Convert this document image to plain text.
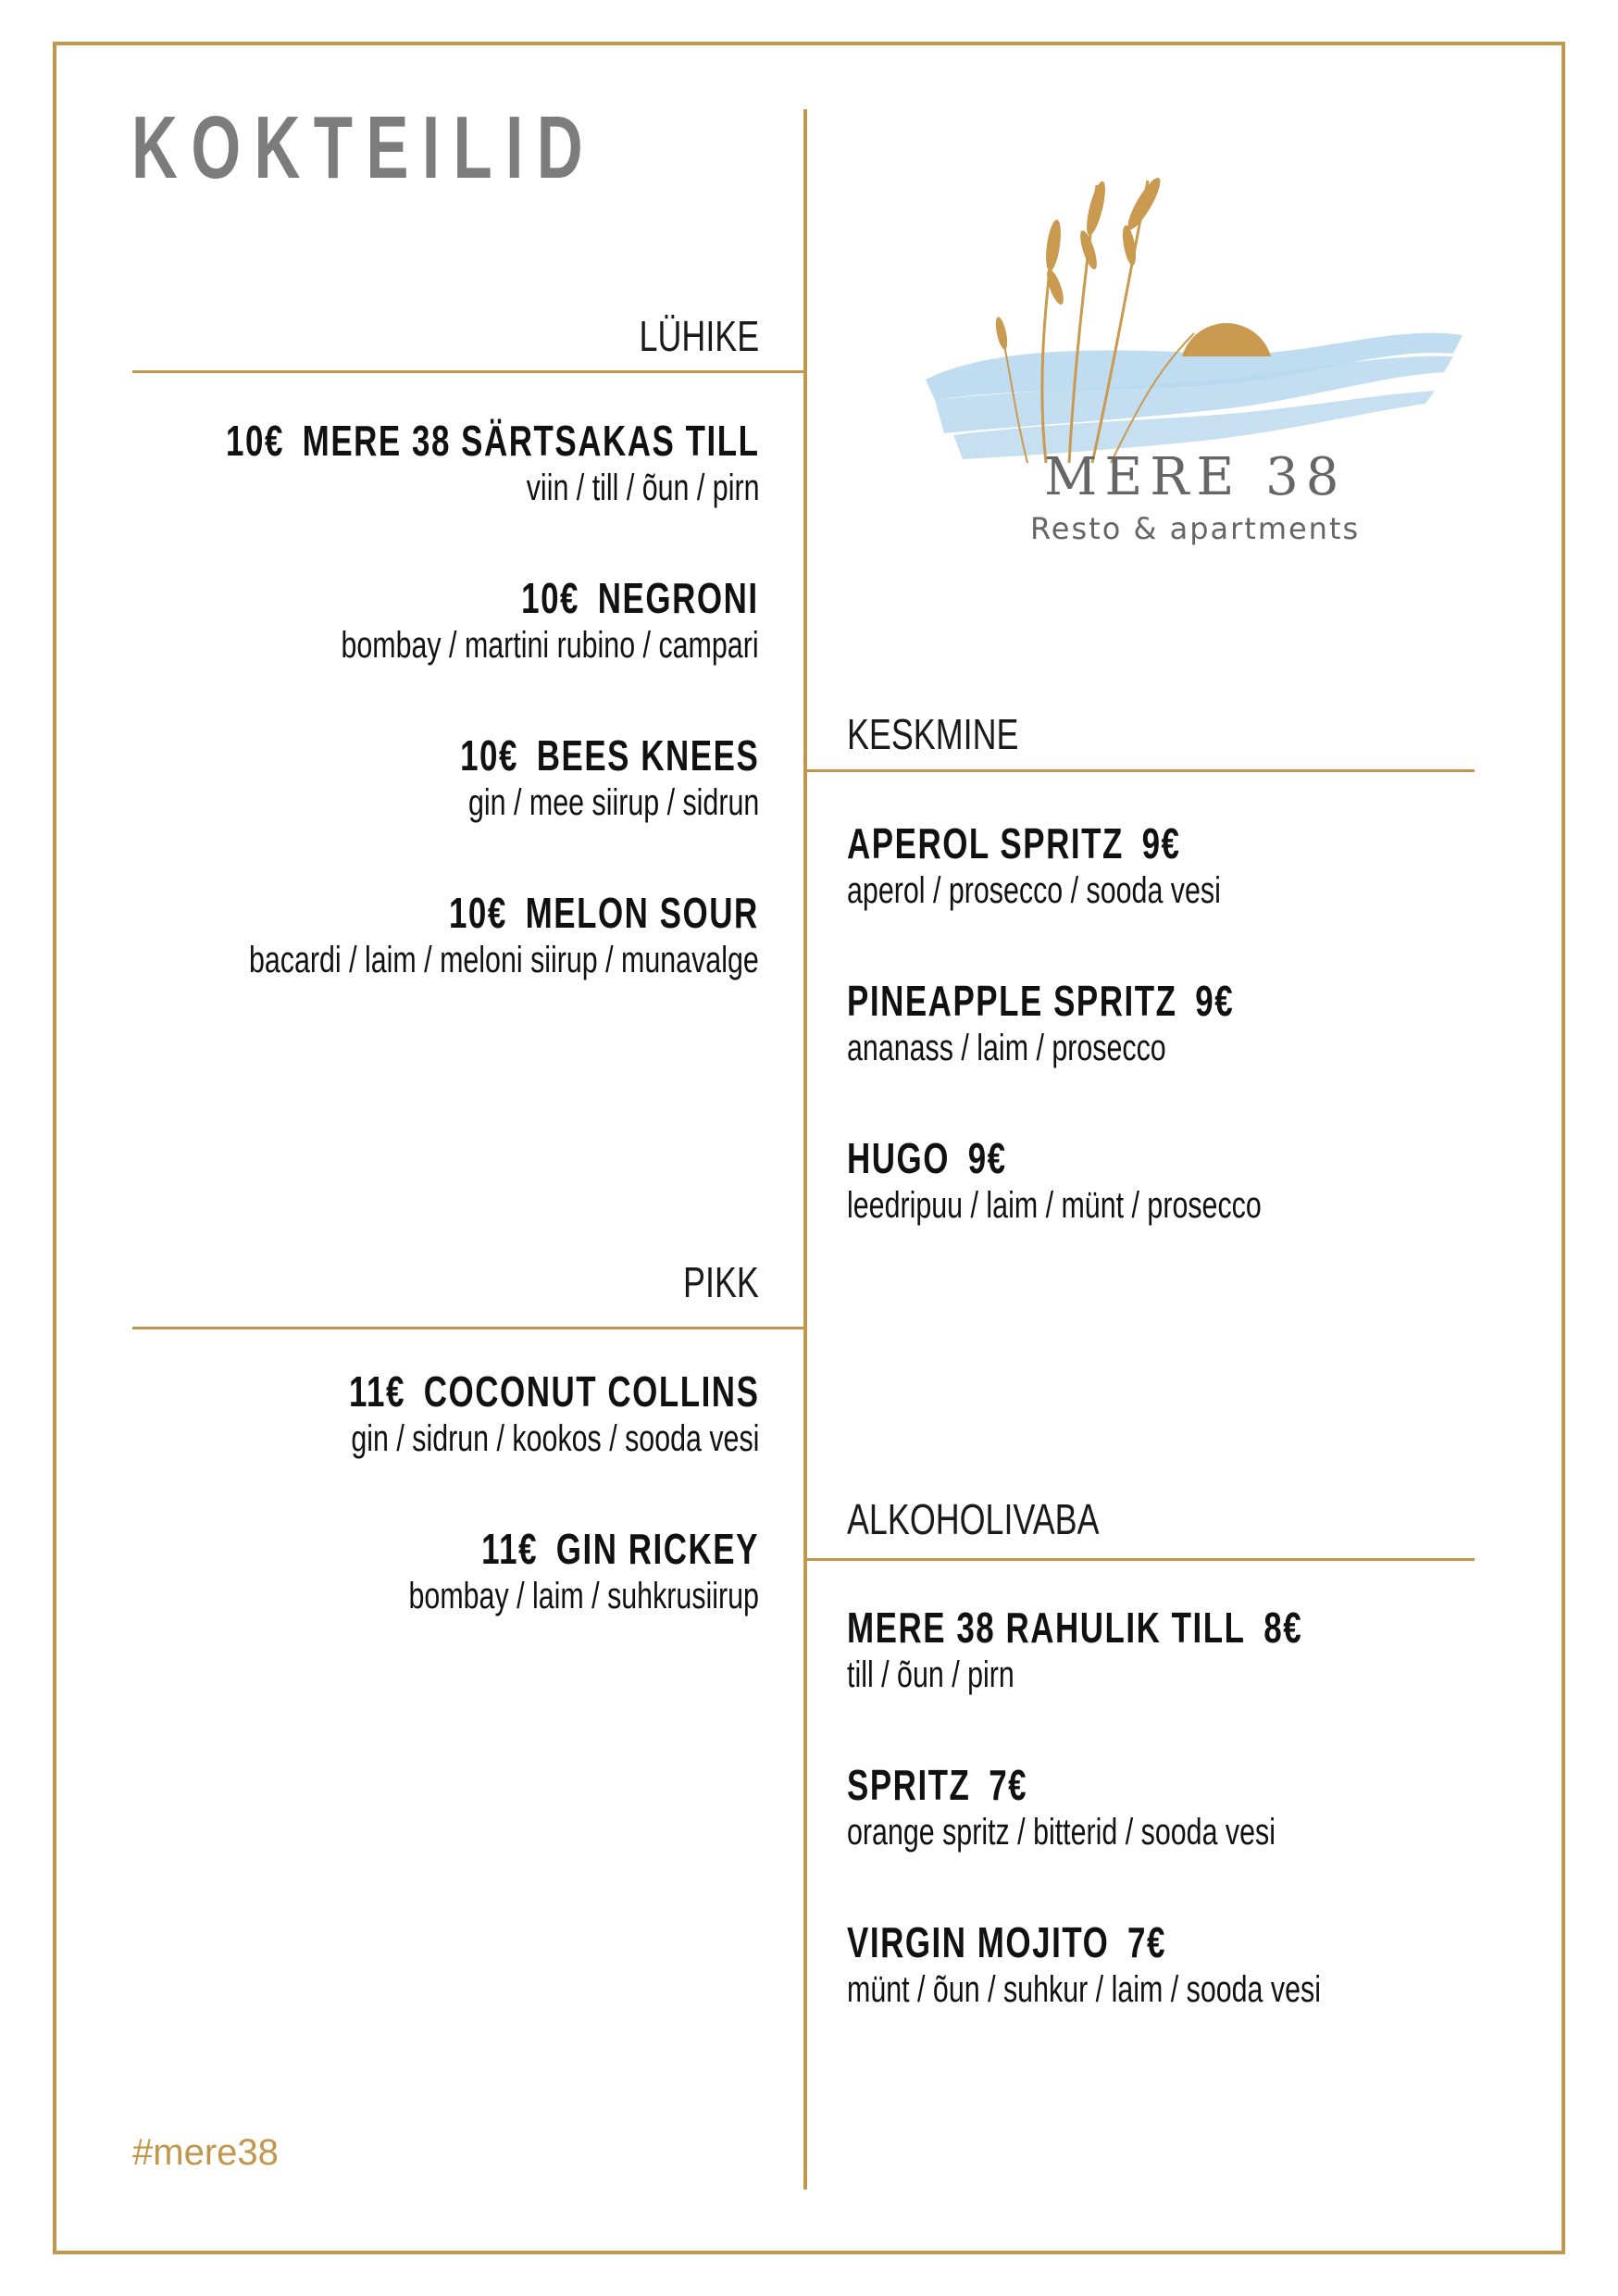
KOKTEILID
MERE 38
Resto & apartments
LÜHIKE
10€ MERE 38 SÄRTSAKAS TILL
viin / till / õun / pirn
10€ NEGRONI
bombay / martini rubino / campari
10€ BEES KNEES
gin / mee siirup / sidrun
10€ MELON SOUR
bacardi / laim / meloni siirup / munavalge
PIKK
11€ COCONUT COLLINS
gin / sidrun / kookos / sooda vesi
11€ GIN RICKEY
bombay / laim / suhkrusiirup
KESKMINE
APEROL SPRITZ 9€
aperol / prosecco / sooda vesi
PINEAPPLE SPRITZ 9€
ananass / laim / prosecco
HUGO 9€
leedripuu / laim / münt / prosecco
ALKOHOLIVABA
MERE 38 RAHULIK TILL 8€
till / õun / pirn
SPRITZ 7€
orange spritz / bitterid / sooda vesi
VIRGIN MOJITO 7€
münt / õun / suhkur / laim / sooda vesi
#mere38
